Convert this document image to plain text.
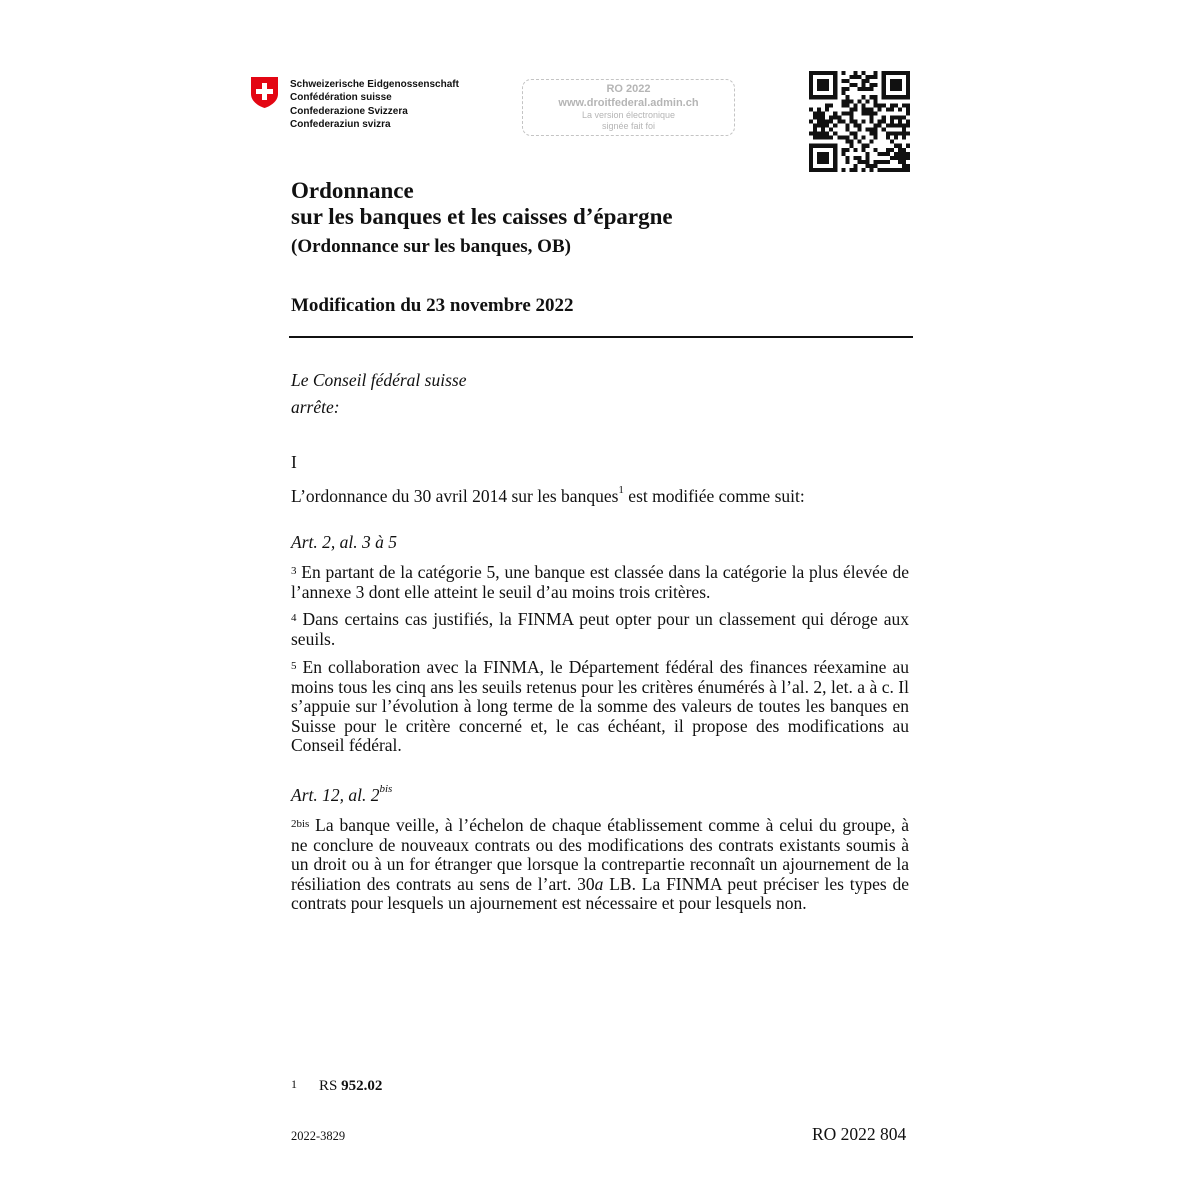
Schweizerische Eidgenossenschaft
Confédération suisse
Confederazione Svizzera
Confederaziun svizra
RO 2022
www.droitfederal.admin.ch
La version électronique
signée fait foi
Ordonnance
sur les banques et les caisses d’épargne
(Ordonnance sur les banques, OB)
Modification du 23 novembre 2022
Le Conseil fédéral suisse
arrête:
I
L’ordonnance du 30 avril 2014 sur les banques$^1$ est modifiée comme suit:
Art. 2, al. 3 à 5
$^3$ En partant de la catégorie 5, une banque est classée dans la catégorie la plus élevée de l’annexe 3 dont elle atteint le seuil d’au moins trois critères.
$^4$ Dans certains cas justifiés, la FINMA peut opter pour un classement qui déroge aux seuils.
$^5$ En collaboration avec la FINMA, le Département fédéral des finances réexamine au moins tous les cinq ans les seuils retenus pour les critères énumérés à l’al. 2, let. a à c. Il s’appuie sur l’évolution à long terme de la somme des valeurs de toutes les banques en Suisse pour le critère concerné et, le cas échéant, il propose des modifications au Conseil fédéral.
Art. 12, al. $2^{bis}$
$^{2bis}$ La banque veille, à l’échelon de chaque établissement comme à celui du groupe, à ne conclure de nouveaux contrats ou des modifications des contrats existants soumis à un droit ou à un for étranger que lorsque la contrepartie reconnaît un ajournement de la résiliation des contrats au sens de l’art. 30a LB. La FINMA peut préciser les types de contrats pour lesquels un ajournement est nécessaire et pour lesquels non.
1 RS 952.02
2022-3829	RO 2022 804
